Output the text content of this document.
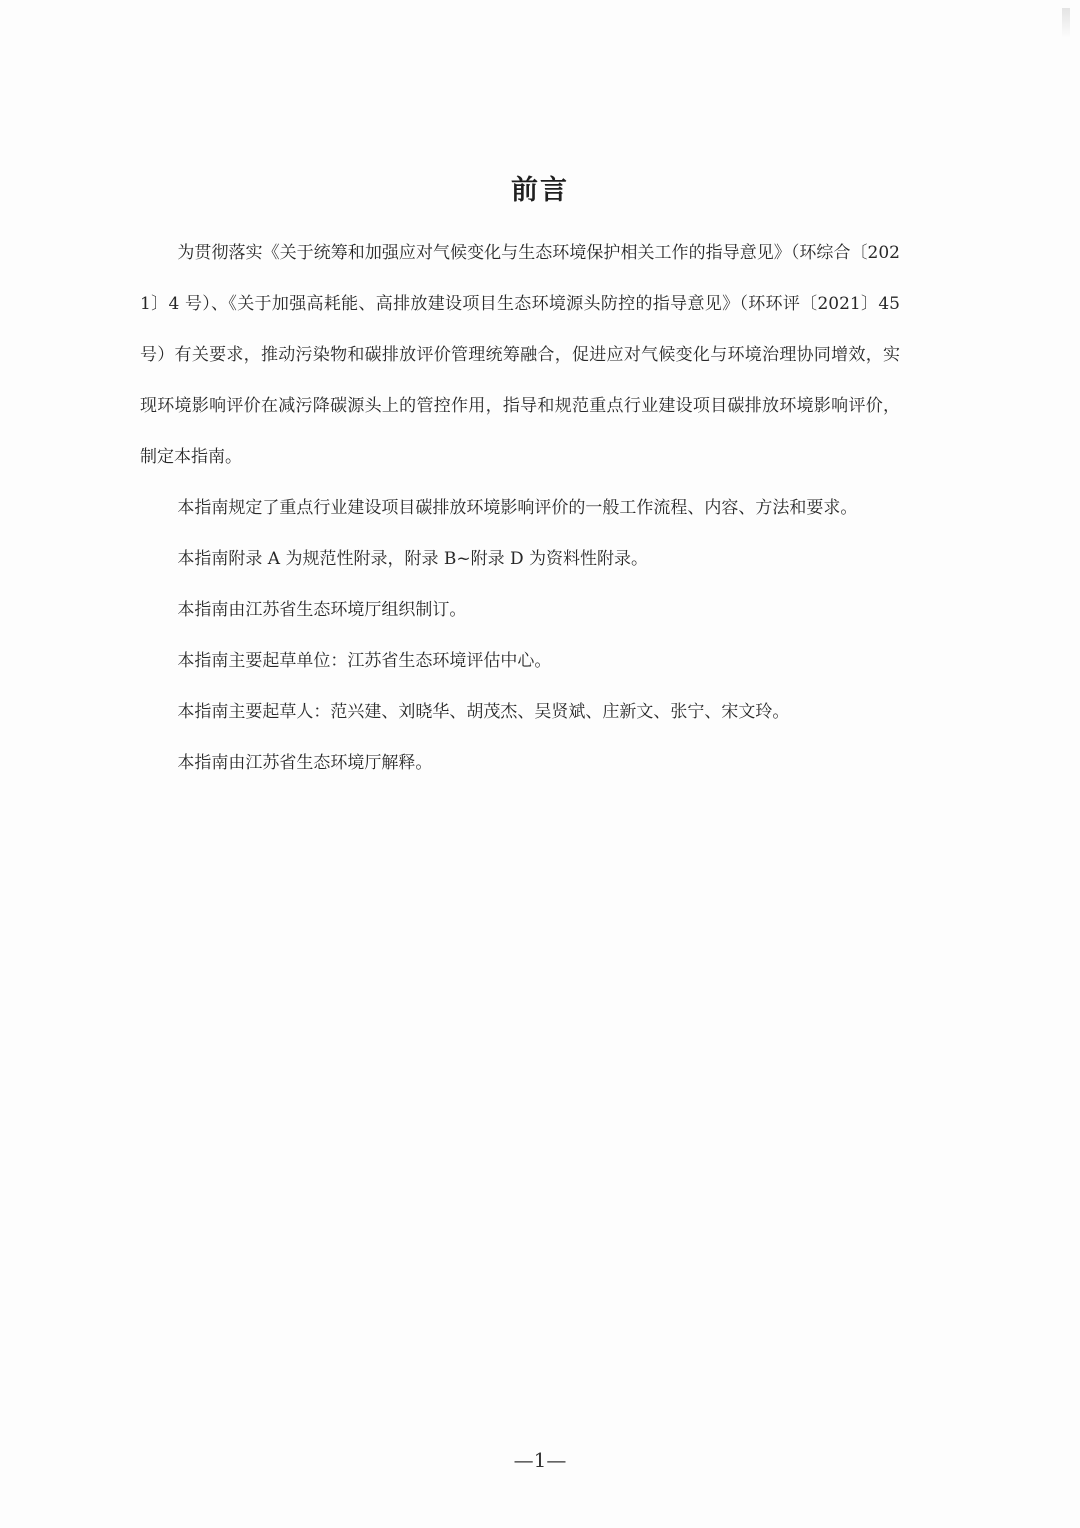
前言

为贯彻落实《关于统筹和加强应对气候变化与生态环境保护相关工作的指导意见》（环综合〔2021〕4 号）、《关于加强高耗能、高排放建设项目生态环境源头防控的指导意见》（环环评〔2021〕45 号）有关要求，推动污染物和碳排放评价管理统筹融合，促进应对气候变化与环境治理协同增效，实现环境影响评价在减污降碳源头上的管控作用，指导和规范重点行业建设项目碳排放环境影响评价，制定本指南。

本指南规定了重点行业建设项目碳排放环境影响评价的一般工作流程、内容、方法和要求。

本指南附录 A 为规范性附录，附录 B~附录 D 为资料性附录。

本指南由江苏省生态环境厅组织制订。

本指南主要起草单位：江苏省生态环境评估中心。

本指南主要起草人：范兴建、刘晓华、胡茂杰、吴贤斌、庄新文、张宁、宋文玲。

本指南由江苏省生态环境厅解释。

—1—
